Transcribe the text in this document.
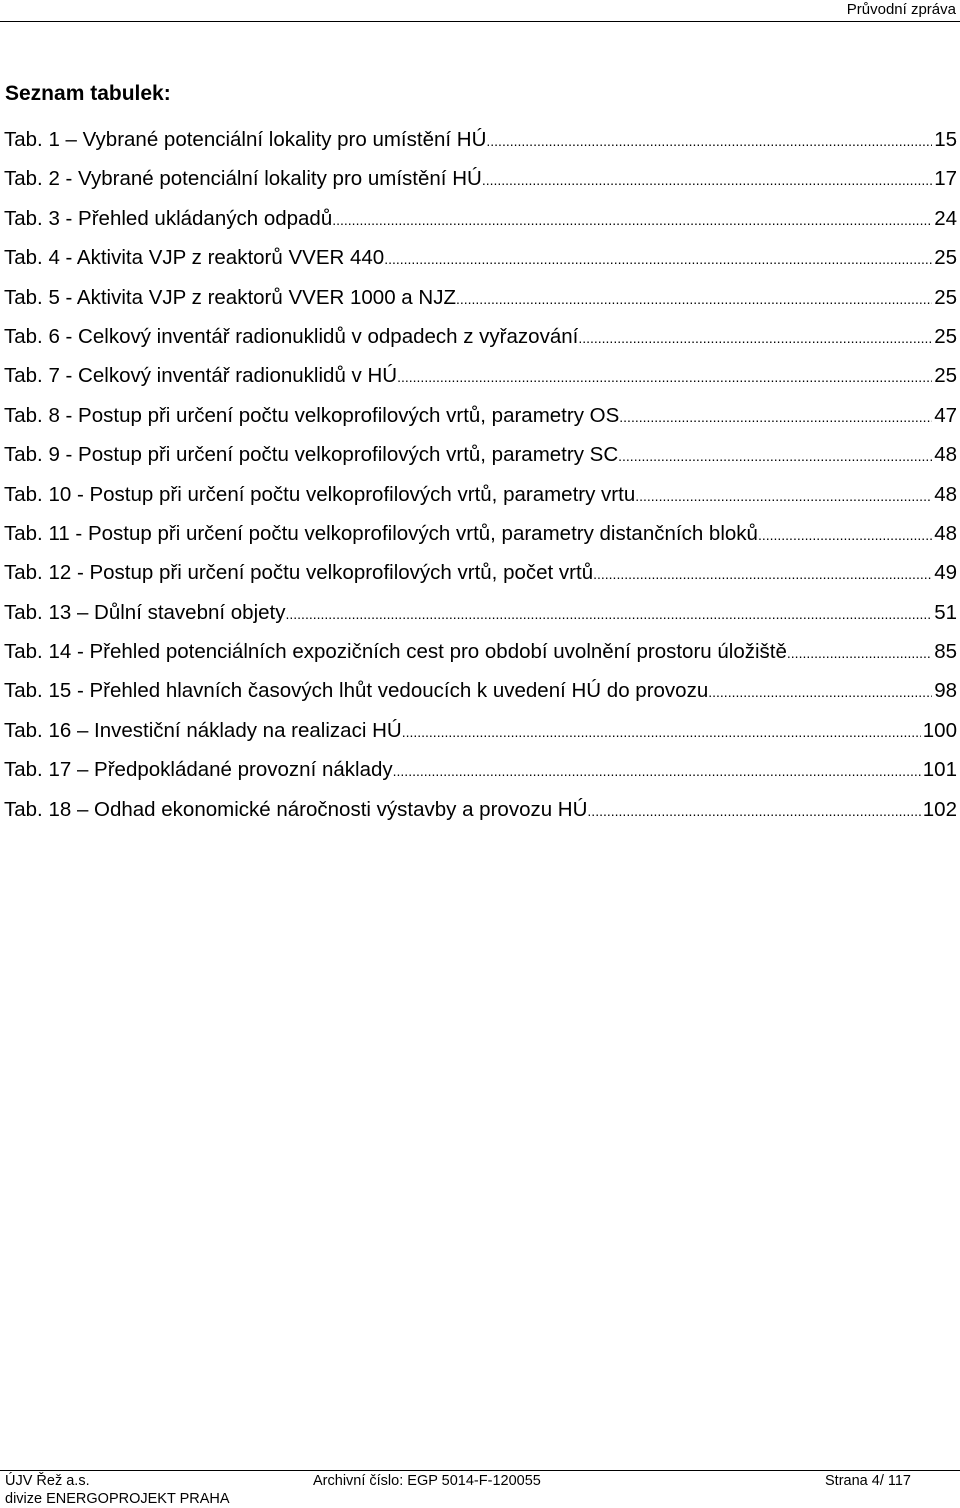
Průvodní zpráva
Seznam tabulek:
Tab. 1 – Vybrané potenciální lokality pro umístění HÚ .....	15
Tab. 2 - Vybrané potenciální lokality pro umístění HÚ .....	17
Tab. 3 - Přehled ukládaných odpadů .....	24
Tab. 4 - Aktivita VJP z reaktorů VVER 440 .....	25
Tab. 5 - Aktivita VJP z reaktorů VVER 1000 a NJZ .....	25
Tab. 6 - Celkový inventář radionuklidů v odpadech z vyřazování .....	25
Tab. 7 - Celkový inventář radionuklidů v HÚ .....	25
Tab. 8 - Postup při určení počtu velkoprofilových vrtů, parametry OS .....	47
Tab. 9 - Postup při určení počtu velkoprofilových vrtů, parametry SC .....	48
Tab. 10 - Postup při určení počtu velkoprofilových vrtů, parametry vrtu .....	48
Tab. 11 - Postup při určení počtu velkoprofilových vrtů, parametry distančních bloků .....	48
Tab. 12 - Postup při určení počtu velkoprofilových vrtů, počet vrtů .....	49
Tab. 13 – Důlní stavební objety .....	51
Tab. 14 - Přehled potenciálních expozičních cest pro období uvolnění prostoru úložiště .....	85
Tab. 15 - Přehled hlavních časových lhůt vedoucích k uvedení HÚ do provozu .....	98
Tab. 16 – Investiční náklady na realizaci HÚ .....	100
Tab. 17 – Předpokládané provozní náklady .....	101
Tab. 18 – Odhad ekonomické náročnosti výstavby a provozu HÚ .....	102
ÚJV Řež a.s.
divize ENERGOPROJEKT PRAHA
Archivní číslo: EGP 5014-F-120055	Strana 4/ 117
